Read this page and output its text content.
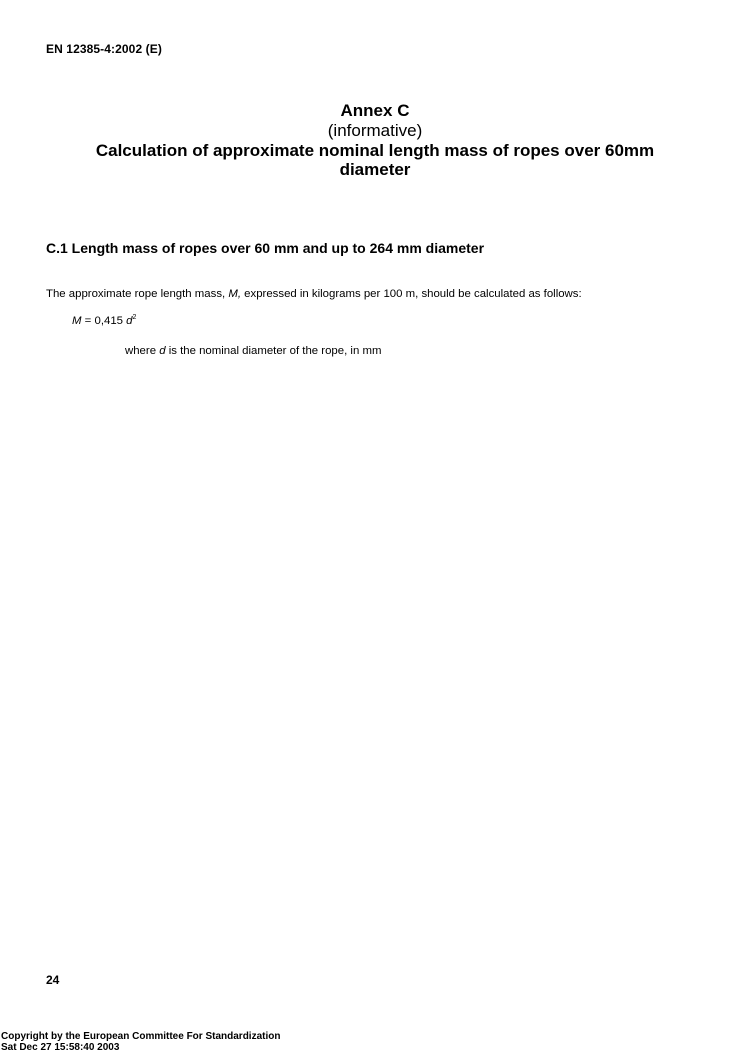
EN 12385-4:2002 (E)
Annex C
(informative)
Calculation of approximate nominal length mass of ropes over 60mm
diameter
C.1 Length mass of ropes over 60 mm and up to 264 mm diameter
The approximate rope length mass, M, expressed in kilograms per 100 m, should be calculated as follows:
M = 0,415 $d^2$
where d is the nominal diameter of the rope, in mm
24
Copyright by the European Committee For Standardization
Sat Dec 27 15:58:40 2003
